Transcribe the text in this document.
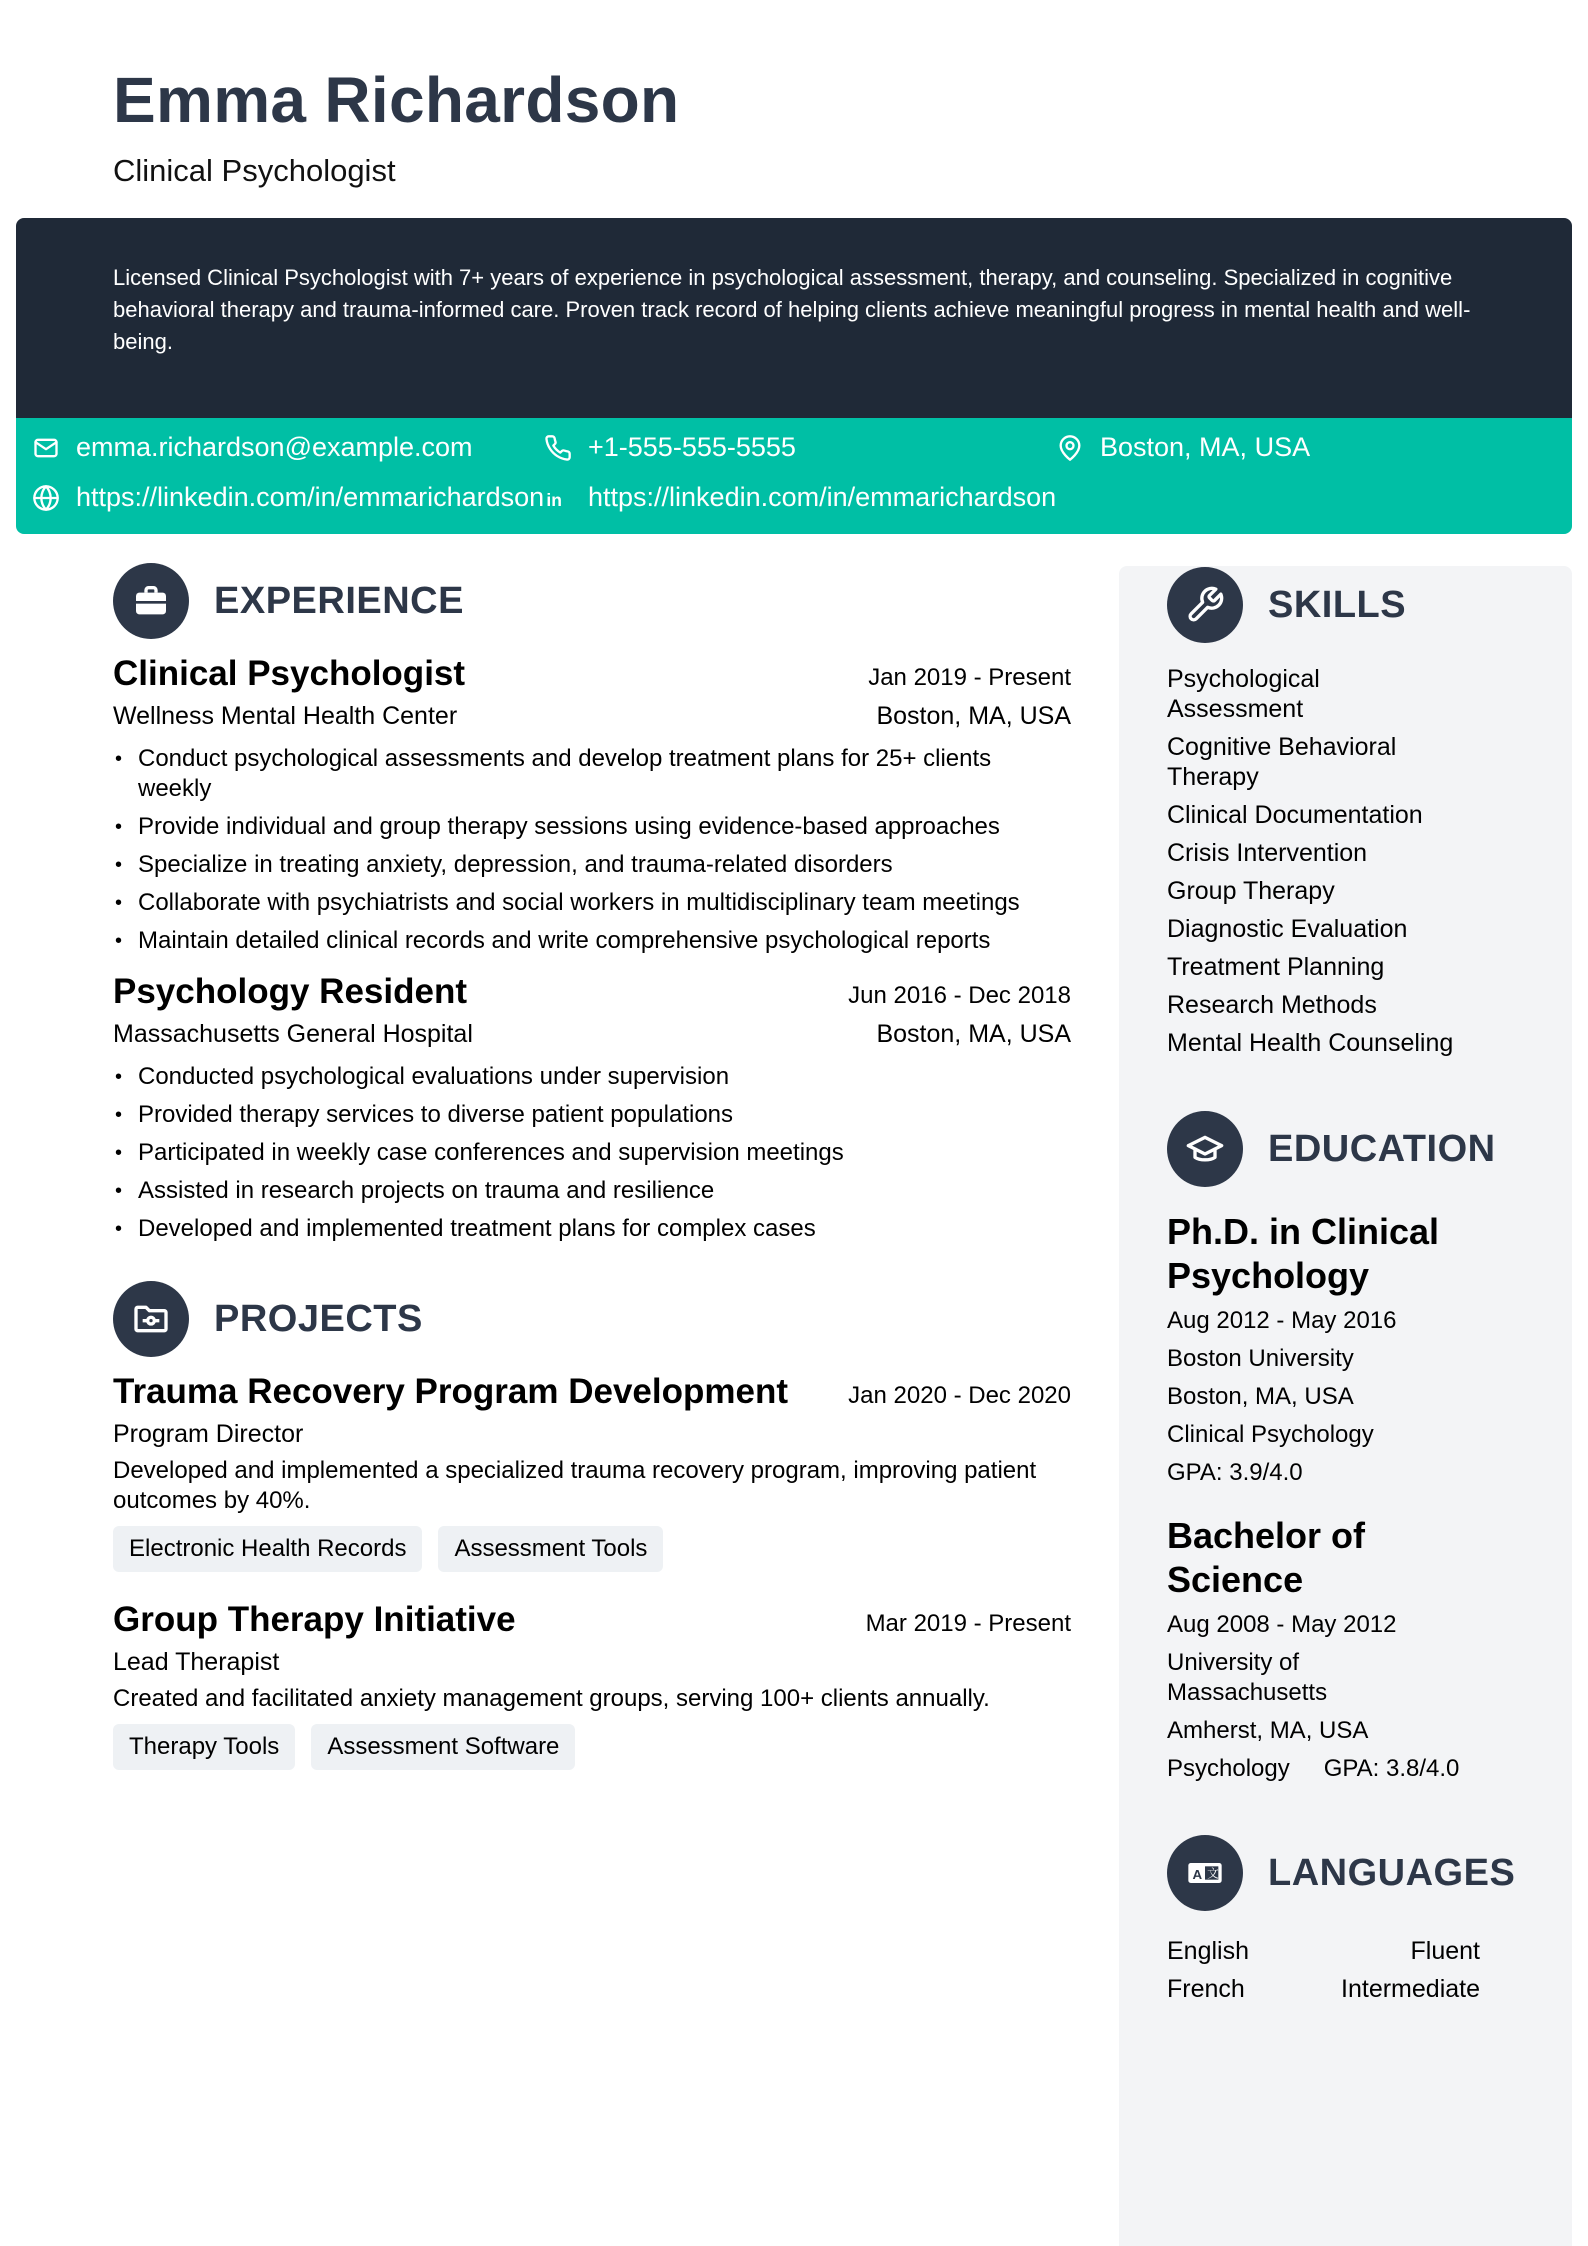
Emma Richardson
Clinical Psychologist

Licensed Clinical Psychologist with 7+ years of experience in psychological assessment, therapy, and counseling. Specialized in cognitive behavioral therapy and trauma-informed care. Proven track record of helping clients achieve meaningful progress in mental health and well-being.

emma.richardson@example.com	+1-555-555-5555	Boston, MA, USA
https://linkedin.com/in/emmarichardson in https://linkedin.com/in/emmarichardson
EXPERIENCE
Clinical Psychologist	Jan 2019 - Present
Wellness Mental Health Center	Boston, MA, USA
• Conduct psychological assessments and develop treatment plans for 25+ clients weekly
• Provide individual and group therapy sessions using evidence-based approaches
• Specialize in treating anxiety, depression, and trauma-related disorders
• Collaborate with psychiatrists and social workers in multidisciplinary team meetings
• Maintain detailed clinical records and write comprehensive psychological reports
Psychology Resident	Jun 2016 - Dec 2018
Massachusetts General Hospital	Boston, MA, USA
• Conducted psychological evaluations under supervision
• Provided therapy services to diverse patient populations
• Participated in weekly case conferences and supervision meetings
• Assisted in research projects on trauma and resilience
• Developed and implemented treatment plans for complex cases
PROJECTS
Trauma Recovery Program Development	Jan 2020 - Dec 2020
Program Director
Developed and implemented a specialized trauma recovery program, improving patient outcomes by 40%.
Electronic Health Records	Assessment Tools
Group Therapy Initiative	Mar 2019 - Present
Lead Therapist
Created and facilitated anxiety management groups, serving 100+ clients annually.
Therapy Tools	Assessment Software
SKILLS
Psychological Assessment
Cognitive Behavioral Therapy
Clinical Documentation
Crisis Intervention
Group Therapy
Diagnostic Evaluation
Treatment Planning
Research Methods
Mental Health Counseling
EDUCATION
Ph.D. in Clinical Psychology
Aug 2012 - May 2016
Boston University
Boston, MA, USA
Clinical Psychology
GPA: 3.9/4.0
Bachelor of Science
Aug 2008 - May 2012
University of Massachusetts
Amherst, MA, USA
Psychology GPA: 3.8/4.0
A 文 LANGUAGES
English	Fluent
French	Intermediate
